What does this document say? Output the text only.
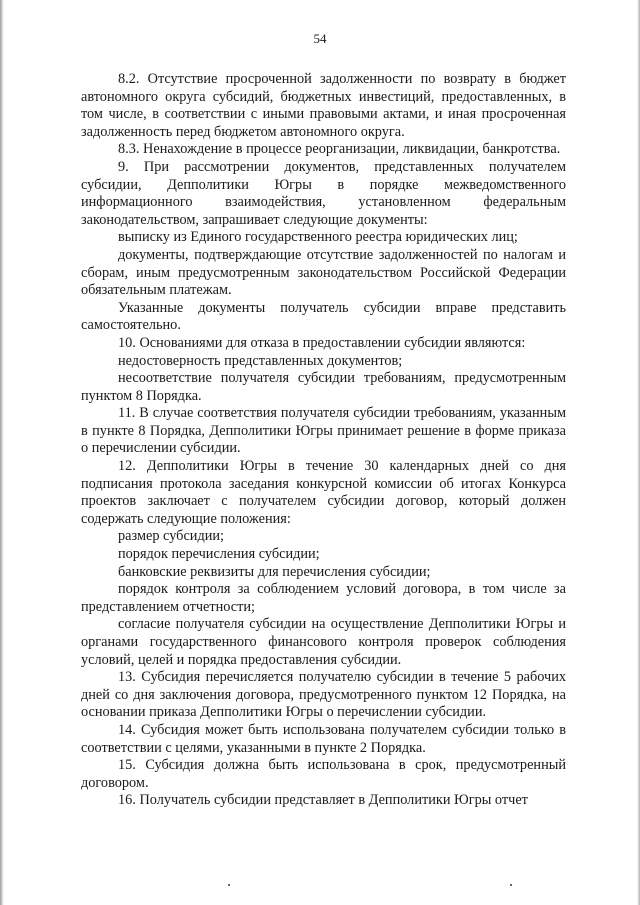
54

8.2. Отсутствие просроченной задолженности по возврату в бюджет автономного округа субсидий, бюджетных инвестиций, предоставленных, в том числе, в соответствии с иными правовыми актами, и иная просроченная задолженность перед бюджетом автономного округа.

8.3. Ненахождение в процессе реорганизации, ликвидации, банкротства.

9. При рассмотрении документов, представленных получателем субсидии, Депполитики Югры в порядке межведомственного информационного взаимодействия, установленном федеральным законодательством, запрашивает следующие документы:

выписку из Единого государственного реестра юридических лиц;

документы, подтверждающие отсутствие задолженностей по налогам и сборам, иным предусмотренным законодательством Российской Федерации обязательным платежам.

Указанные документы получатель субсидии вправе представить самостоятельно.

10. Основаниями для отказа в предоставлении субсидии являются:

недостоверность представленных документов;

несоответствие получателя субсидии требованиям, предусмотренным пунктом 8 Порядка.

11. В случае соответствия получателя субсидии требованиям, указанным в пункте 8 Порядка, Депполитики Югры принимает решение в форме приказа о перечислении субсидии.

12. Депполитики Югры в течение 30 календарных дней со дня подписания протокола заседания конкурсной комиссии об итогах Конкурса проектов заключает с получателем субсидии договор, который должен содержать следующие положения:

размер субсидии;

порядок перечисления субсидии;

банковские реквизиты для перечисления субсидии;

порядок контроля за соблюдением условий договора, в том числе за представлением отчетности;

согласие получателя субсидии на осуществление Депполитики Югры и органами государственного финансового контроля проверок соблюдения условий, целей и порядка предоставления субсидии.

13. Субсидия перечисляется получателю субсидии в течение 5 рабочих дней со дня заключения договора, предусмотренного пунктом 12 Порядка, на основании приказа Депполитики Югры о перечислении субсидии.

14. Субсидия может быть использована получателем субсидии только в соответствии с целями, указанными в пункте 2 Порядка.

15. Субсидия должна быть использована в срок, предусмотренный договором.

16. Получатель субсидии представляет в Депполитики Югры отчет
